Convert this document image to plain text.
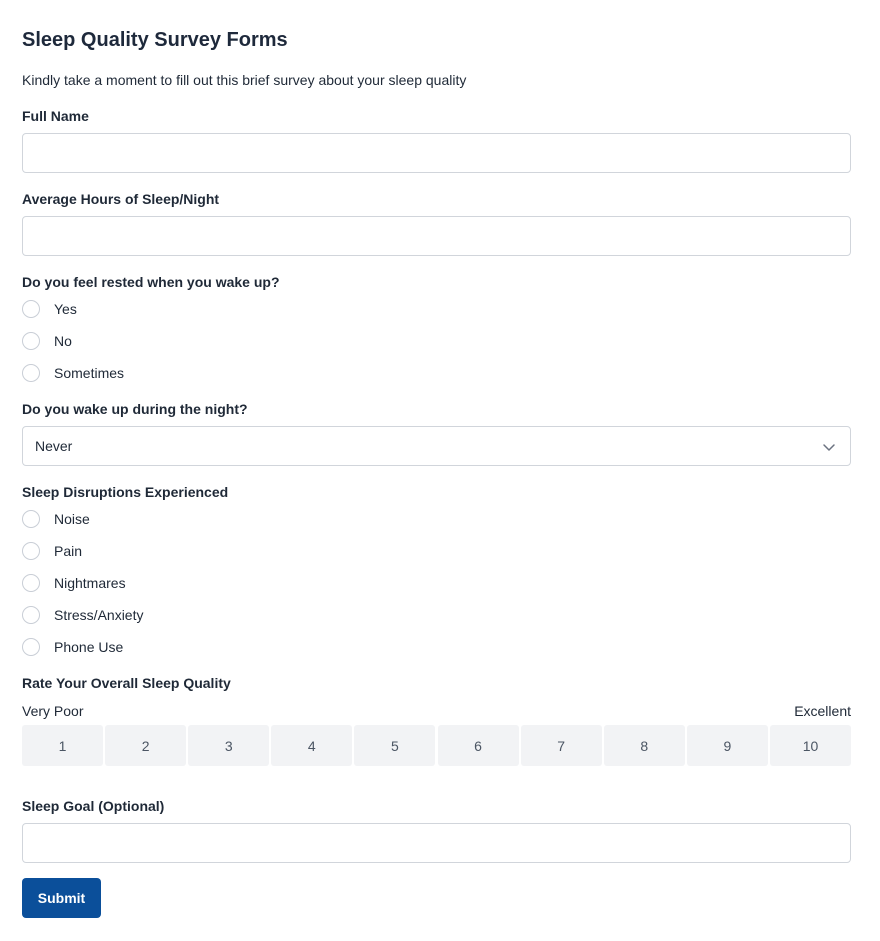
Sleep Quality Survey Forms
Kindly take a moment to fill out this brief survey about your sleep quality
Full Name
Average Hours of Sleep/Night
Do you feel rested when you wake up?
Yes
No
Sometimes
Do you wake up during the night?
Never
Sleep Disruptions Experienced
Noise
Pain
Nightmares
Stress/Anxiety
Phone Use
Rate Your Overall Sleep Quality
Very Poor	Excellent
1	2	3	4	5	6	7	8	9	10
Sleep Goal (Optional)
Submit
